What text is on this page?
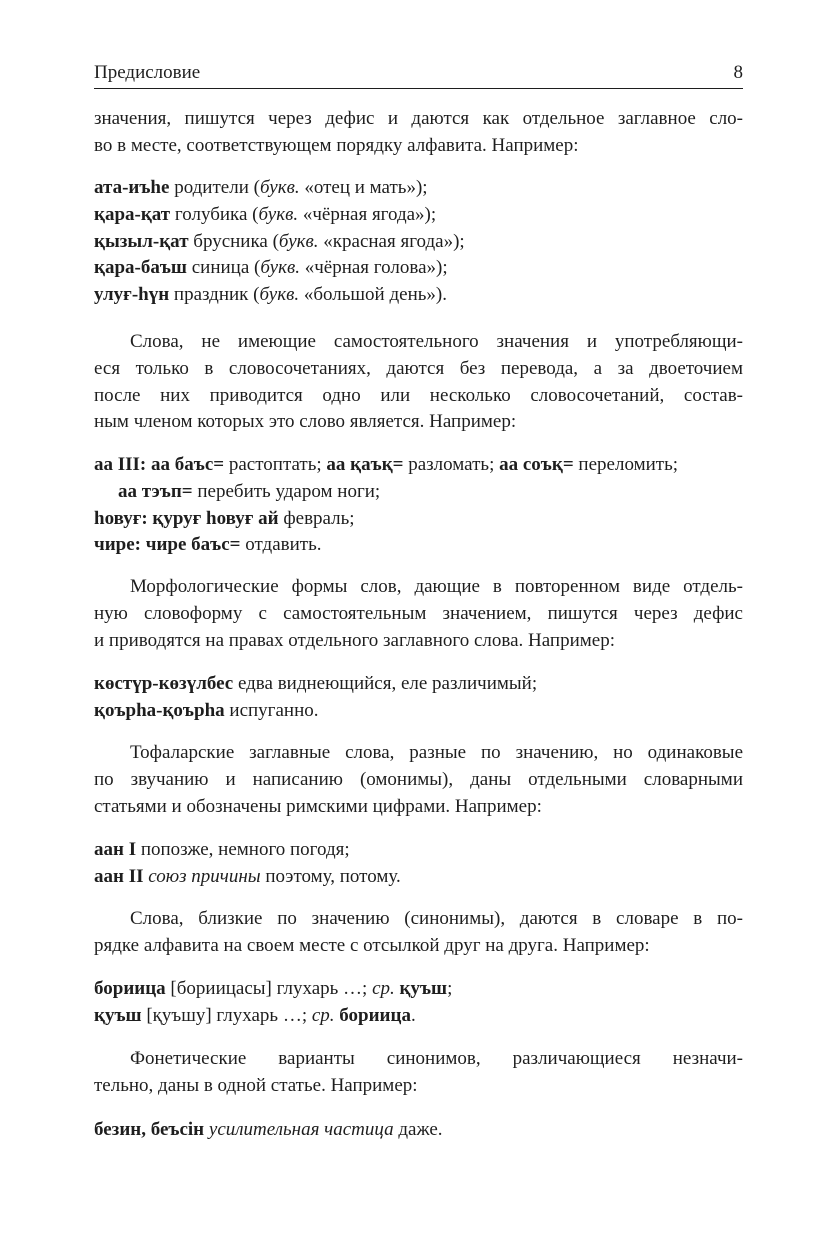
Предисловие	8
значения, пишутся через дефис и даются как отдельное заглавное сло-
во в месте, соответствующем порядку алфавита. Например:
ата-иъһе родители (букв. «отец и мать»);
қара-қат голубика (букв. «чёрная ягода»);
қызыл-қат брусника (букв. «красная ягода»);
қара-баъш синица (букв. «чёрная голова»);
улуғ-һүн праздник (букв. «большой день»).
Слова, не имеющие самостоятельного значения и употребляющи-
еся только в словосочетаниях, даются без перевода, а за двоеточием
после них приводится одно или несколько словосочетаний, состав-
ным членом которых это слово является. Например:
аа III: аа баъс= растоптать; аа қаъқ= разломать; аа соъқ= переломить;
аа тэъп= перебить ударом ноги;
һовуғ: қуруғ һовуғ ай февраль;
чире: чире баъс= отдавить.
Морфологические формы слов, дающие в повторенном виде отдель-
ную словоформу с самостоятельным значением, пишутся через дефис
и приводятся на правах отдельного заглавного слова. Например:
көстүр-көзүлбес едва виднеющийся, еле различимый;
қоърһа-қоърһа испуганно.
Тофаларские заглавные слова, разные по значению, но одинаковые
по звучанию и написанию (омонимы), даны отдельными словарными
статьями и обозначены римскими цифрами. Например:
аан I попозже, немного погодя;
аан II союз причины поэтому, потому.
Слова, близкие по значению (синонимы), даются в словаре в по-
рядке алфавита на своем месте с отсылкой друг на друга. Например:
бориица [бориицасы] глухарь …; ср. қуъш;
қуъш [қуъшу] глухарь …; ср. бориица.
Фонетические варианты синонимов, различающиеся незначи-
тельно, даны в одной статье. Например:
безин, беъсін усилительная частица даже.
